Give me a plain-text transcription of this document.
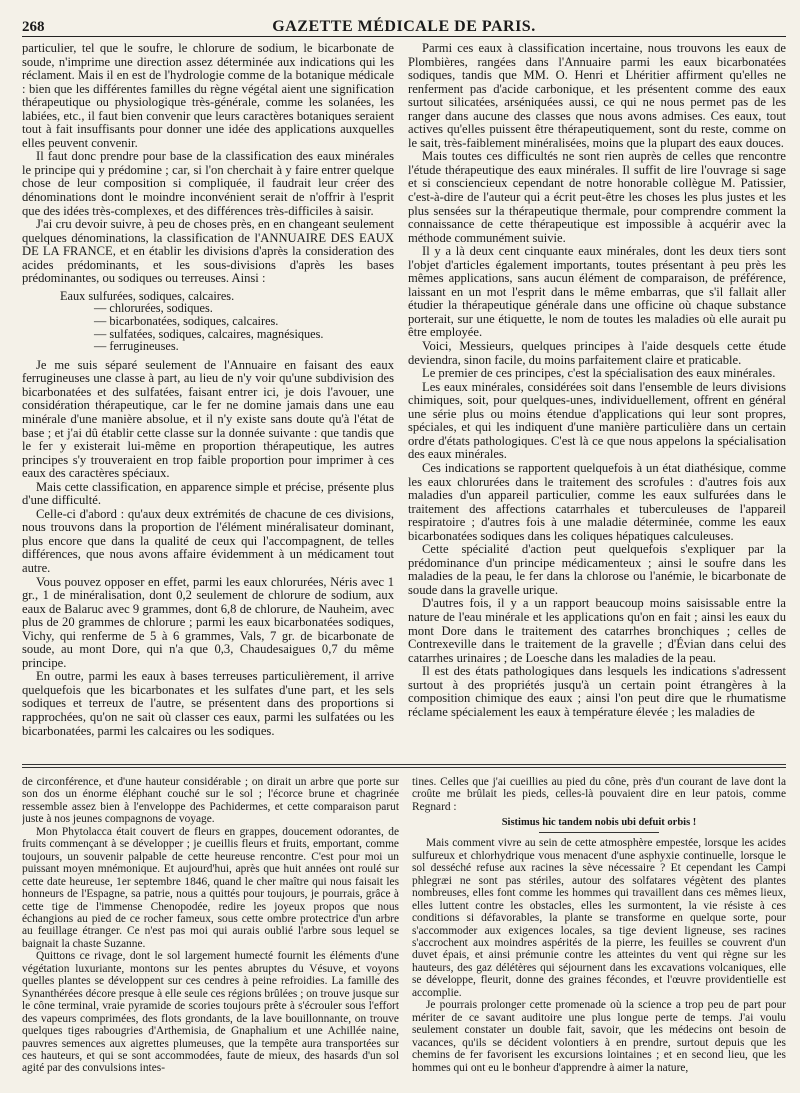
268	GAZETTE MÉDICALE DE PARIS.

particulier, tel que le soufre, le chlorure de sodium, le bicarbonate de soude, n'imprime une direction assez déterminée aux indications qui les réclament. Mais il en est de l'hydrologie comme de la botanique médicale : bien que les différentes familles du règne végétal aient une signification thérapeutique ou physiologique très-générale, comme les solanées, les labiées, etc., il faut bien convenir que leurs caractères botaniques seraient tout à fait insuffisants pour donner une idée des applications auxquelles elles peuvent convenir.

Il faut donc prendre pour base de la classification des eaux minérales le principe qui y prédomine ; car, si l'on cherchait à y faire entrer quelque chose de leur composition si compliquée, il faudrait leur créer des dénominations dont le moindre inconvénient serait de n'offrir à l'esprit que des idées très-complexes, et des différences très-difficiles à saisir.

J'ai cru devoir suivre, à peu de choses près, en en changeant seulement quelques dénominations, la classification de l'ANNUAIRE DES EAUX DE LA FRANCE, et en établir les divisions d'après la consideration des acides prédominants, et les sous-divisions d'après les bases prédominantes, ou sodiques ou terreuses. Ainsi :

Eaux sulfurées, sodiques, calcaires.
— chlorurées, sodiques.
— bicarbonatées, sodiques, calcaires.
— sulfatées, sodiques, calcaires, magnésiques.
— ferrugineuses.

Je me suis séparé seulement de l'Annuaire en faisant des eaux ferrugineuses une classe à part, au lieu de n'y voir qu'une subdivision des bicarbonatées et des sulfatées, faisant entrer ici, je dois l'avouer, une considération thérapeutique, car le fer ne domine jamais dans une eau minérale d'une manière absolue, et il n'y existe sans doute qu'à l'état de base ; et j'ai dû établir cette classe sur la donnée suivante : que tandis que le fer y existerait lui-même en proportion thérapeutique, les autres principes s'y trouveraient en trop faible proportion pour imprimer à ces eaux des caractères spéciaux.

Mais cette classification, en apparence simple et précise, présente plus d'une difficulté.

Celle-ci d'abord : qu'aux deux extrémités de chacune de ces divisions, nous trouvons dans la proportion de l'élément minéralisateur dominant, plus encore que dans la qualité de ceux qui l'accompagnent, de telles différences, que nous avons affaire évidemment à un médicament tout autre.

Vous pouvez opposer en effet, parmi les eaux chlorurées, Néris avec 1 gr., 1 de minéralisation, dont 0,2 seulement de chlorure de sodium, aux eaux de Balaruc avec 9 grammes, dont 6,8 de chlorure, de Nauheim, avec plus de 20 grammes de chlorure ; parmi les eaux bicarbonatées sodiques, Vichy, qui renferme de 5 à 6 grammes, Vals, 7 gr. de bicarbonate de soude, au mont Dore, qui n'a que 0,3, Chaudesaigues 0,7 du même principe.

En outre, parmi les eaux à bases terreuses particulièrement, il arrive quelquefois que les bicarbonates et les sulfates d'une part, et les sels sodiques et terreux de l'autre, se présentent dans des proportions si rapprochées, qu'on ne sait où classer ces eaux, parmi les sulfatées ou les bicarbonatées, parmi les calcaires ou les sodiques.

Parmi ces eaux à classification incertaine, nous trouvons les eaux de Plombières, rangées dans l'Annuaire parmi les eaux bicarbonatées sodiques, tandis que MM. O. Henri et Lhéritier affirment qu'elles ne renferment pas d'acide carbonique, et les présentent comme des eaux surtout silicatées, arséniquées aussi, ce qui ne nous permet pas de les ranger dans aucune des classes que nous avons admises. Ces eaux, tout actives qu'elles puissent être thérapeutiquement, sont du reste, comme on le sait, très-faiblement minéralisées, moins que la plupart des eaux douces.

Mais toutes ces difficultés ne sont rien auprès de celles que rencontre l'étude thérapeutique des eaux minérales. Il suffit de lire l'ouvrage si sage et si consciencieux cependant de notre honorable collègue M. Patissier, c'est-à-dire de l'auteur qui a écrit peut-être les choses les plus justes et les plus sensées sur la thérapeutique thermale, pour comprendre comment la connaissance de cette thérapeutique est impossible à acquérir avec la méthode communément suivie.

Il y a là deux cent cinquante eaux minérales, dont les deux tiers sont l'objet d'articles également importants, toutes présentant à peu près les mêmes applications, sans aucun élément de comparaison, de préférence, laissant en un mot l'esprit dans le même embarras, que s'il fallait aller étudier la thérapeutique générale dans une officine où chaque substance porterait, sur une étiquette, le nom de toutes les maladies où elle aurait pu être employée.

Voici, Messieurs, quelques principes à l'aide desquels cette étude deviendra, sinon facile, du moins parfaitement claire et praticable.

Le premier de ces principes, c'est la spécialisation des eaux minérales.

Les eaux minérales, considérées soit dans l'ensemble de leurs divisions chimiques, soit, pour quelques-unes, individuellement, offrent en général une série plus ou moins étendue d'applications qui leur sont propres, spéciales, et qui les indiquent d'une manière particulière dans un certain ordre d'états pathologiques. C'est là ce que nous appelons la spécialisation des eaux minérales.

Ces indications se rapportent quelquefois à un état diathésique, comme les eaux chlorurées dans le traitement des scrofules : d'autres fois aux maladies d'un appareil particulier, comme les eaux sulfurées dans le traitement des affections catarrhales et tuberculeuses de l'appareil respiratoire ; d'autres fois à une maladie déterminée, comme les eaux bicarbonatées sodiques dans les coliques hépatiques calculeuses.

Cette spécialité d'action peut quelquefois s'expliquer par la prédominance d'un principe médicamenteux ; ainsi le soufre dans les maladies de la peau, le fer dans la chlorose ou l'anémie, le bicarbonate de soude dans la gravelle urique.

D'autres fois, il y a un rapport beaucoup moins saisissable entre la nature de l'eau minérale et les applications qu'on en fait ; ainsi les eaux du mont Dore dans le traitement des catarrhes bronchiques ; celles de Contrexeville dans le traitement de la gravelle ; d'Évian dans celui des catarrhes urinaires ; de Loesche dans les maladies de la peau.

Il est des états pathologiques dans lesquels les indications s'adressent surtout à des propriétés jusqu'à un certain point étrangères à la composition chimique des eaux ; ainsi l'on peut dire que le rhumatisme réclame spécialement les eaux à température élevée ; les maladies de

de circonférence, et d'une hauteur considérable ; on dirait un arbre que porte sur son dos un énorme éléphant couché sur le sol ; l'écorce brune et chagrinée ressemble assez bien à l'enveloppe des Pachidermes, et cette comparaison parut juste à nos jeunes compagnons de voyage.

Mon Phytolacca était couvert de fleurs en grappes, doucement odorantes, de fruits commençant à se développer ; je cueillis fleurs et fruits, emportant, comme toujours, un souvenir palpable de cette heureuse rencontre. C'est pour moi un puissant moyen mnémonique. Et aujourd'hui, après que huit années ont roulé sur cette date heureuse, 1er septembre 1846, quand le cher maître qui nous faisait les honneurs de l'Espagne, sa patrie, nous a quittés pour toujours, je pourrais, grâce à cette tige de l'immense Chenopodée, redire les joyeux propos que nous échangions au pied de ce rocher fameux, sous cette ombre protectrice d'un arbre au feuillage étranger. Ce n'est pas moi qui aurais oublié l'arbre sous lequel se baignait la chaste Suzanne.

Quittons ce rivage, dont le sol largement humecté fournit les éléments d'une végétation luxuriante, montons sur les pentes abruptes du Vésuve, et voyons quelles plantes se développent sur ces cendres à peine refroidies. La famille des Synanthérées décore presque à elle seule ces régions brûlées ; on trouve jusque sur le cône terminal, vraie pyramide de scories toujours prête à s'écrouler sous l'effort des vapeurs comprimées, des flots grondants, de la lave bouillonnante, on trouve quelques tiges rabougries d'Arthemisia, de Gnaphalium et une Achillée naine, pauvres semences aux aigrettes plumeuses, que la tempête aura transportées sur ces hauteurs, et qui se sont accommodées, faute de mieux, des hasards d'un sol agité par des convulsions intes-

tines. Celles que j'ai cueillies au pied du cône, près d'un courant de lave dont la croûte me brûlait les pieds, celles-là pouvaient dire en leur patois, comme Regnard :

Sistimus hic tandem nobis ubi defuit orbis !

Mais comment vivre au sein de cette atmosphère empestée, lorsque les acides sulfureux et chlorhydrique vous menacent d'une asphyxie continuelle, lorsque le sol desséché refuse aux racines la sève nécessaire ? Et cependant les Campi phlegræi ne sont pas stériles, autour des solfatares végètent des plantes nombreuses, elles font comme les hommes qui travaillent dans ces mêmes lieux, elles luttent contre les obstacles, elles les surmontent, la vie résiste à ces conditions si défavorables, la plante se transforme en quelque sorte, pour s'accommoder aux exigences locales, sa tige devient ligneuse, ses racines s'accrochent aux moindres aspérités de la pierre, les feuilles se couvrent d'un duvet épais, et ainsi prémunie contre les atteintes du vent qui règne sur les hauteurs, des gaz délétères qui séjournent dans les excavations volcaniques, elle se développe, fleurit, donne des graines fécondes, et l'œuvre providentielle est accomplie.

Je pourrais prolonger cette promenade où la science a trop peu de part pour mériter de ce savant auditoire une plus longue perte de temps. J'ai voulu seulement constater un double fait, savoir, que les médecins ont besoin de vacances, qu'ils se décident volontiers à en prendre, surtout depuis que les chemins de fer favorisent les excursions lointaines ; et en second lieu, que les hommes qui ont eu le bonheur d'apprendre à aimer la nature,
